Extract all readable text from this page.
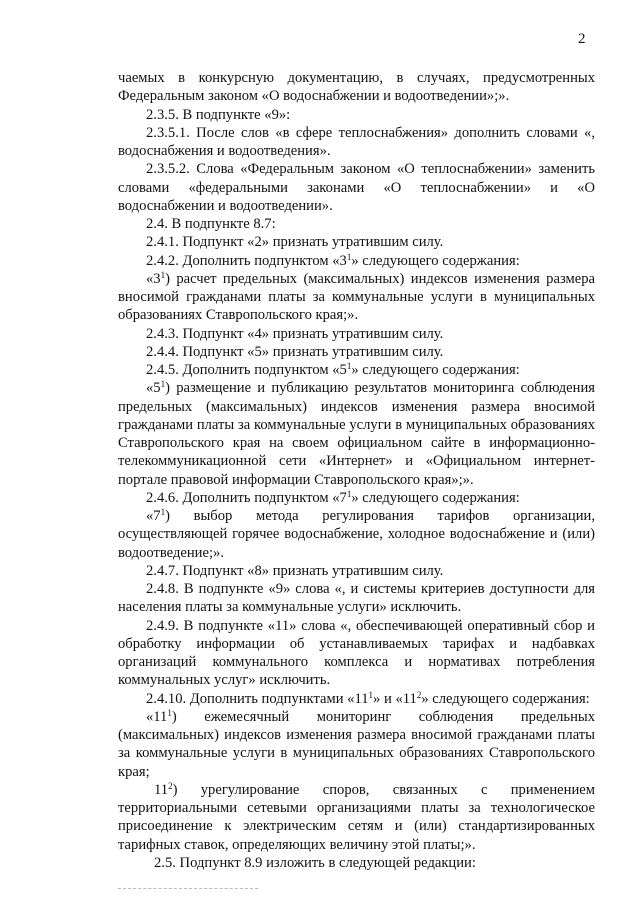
2

чаемых в конкурсную документацию, в случаях, предусмотренных Федеральным законом «О водоснабжении и водоотведении»;».

2.3.5. В подпункте «9»:

2.3.5.1. После слов «в сфере теплоснабжения» дополнить словами «, водоснабжения и водоотведения».

2.3.5.2. Слова «Федеральным законом «О теплоснабжении» заменить словами «федеральными законами «О теплоснабжении» и «О водоснабжении и водоотведении».

2.4. В подпункте 8.7:

2.4.1. Подпункт «2» признать утратившим силу.

2.4.2. Дополнить подпунктом «$3^1$» следующего содержания:

«$3^1$) расчет предельных (максимальных) индексов изменения размера вносимой гражданами платы за коммунальные услуги в муниципальных образованиях Ставропольского края;».

2.4.3. Подпункт «4» признать утратившим силу.

2.4.4. Подпункт «5» признать утратившим силу.

2.4.5. Дополнить подпунктом «$5^1$» следующего содержания:

«$5^1$) размещение и публикацию результатов мониторинга соблюдения предельных (максимальных) индексов изменения размера вносимой гражданами платы за коммунальные услуги в муниципальных образованиях Ставропольского края на своем официальном сайте в информационно-телекоммуникационной сети «Интернет» и «Официальном интернет-портале правовой информации Ставропольского края»;».

2.4.6. Дополнить подпунктом «$7^1$» следующего содержания:

«$7^1$) выбор метода регулирования тарифов организации, осуществляющей горячее водоснабжение, холодное водоснабжение и (или) водоотведение;».

2.4.7. Подпункт «8» признать утратившим силу.

2.4.8. В подпункте «9» слова «, и системы критериев доступности для населения платы за коммунальные услуги» исключить.

2.4.9. В подпункте «11» слова «, обеспечивающей оперативный сбор и обработку информации об устанавливаемых тарифах и надбавках организаций коммунального комплекса и нормативах потребления коммунальных услуг» исключить.

2.4.10. Дополнить подпунктами «$11^1$» и «$11^2$» следующего содержания:

«$11^1$) ежемесячный мониторинг соблюдения предельных (максимальных) индексов изменения размера вносимой гражданами платы за коммунальные услуги в муниципальных образованиях Ставропольского края;

$11^2$) урегулирование споров, связанных с применением территориальными сетевыми организациями платы за технологическое присоединение к электрическим сетям и (или) стандартизированных тарифных ставок, определяющих величину этой платы;».

2.5. Подпункт 8.9 изложить в следующей редакции:
